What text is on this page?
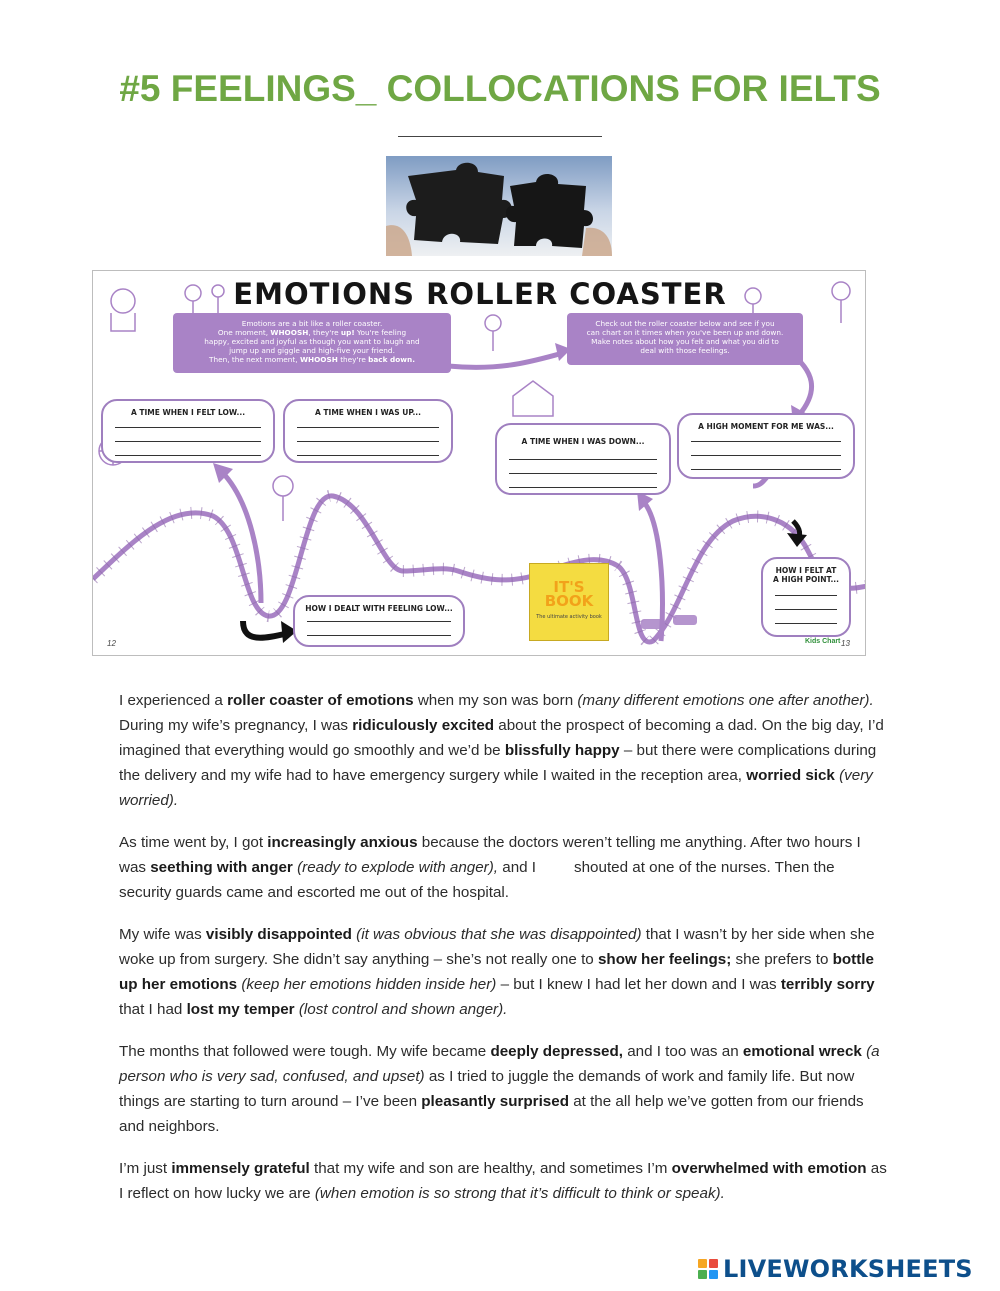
#5 FEELINGS_ COLLOCATIONS FOR IELTS
EMOTIONS ROLLER COASTER
Emotions are a bit like a roller coaster.
One moment, WHOOSH, they're up! You're feeling
happy, excited and joyful as though you want to laugh and
jump up and giggle and high-five your friend.
Then, the next moment, WHOOSH they're back down.
Check out the roller coaster below and see if you
can chart on it times when you've been up and down.
Make notes about how you felt and what you did to
deal with those feelings.
A TIME WHEN I FELT LOW...	A TIME WHEN I WAS UP...
A TIME WHEN I WAS DOWN...
A HIGH MOMENT FOR ME WAS...
HOW I DEALT WITH FEELING LOW...
HOW I FELT AT
A HIGH POINT...
IT'S
BOOK
The ultimate activity book
12	Kids Chart 13

I experienced a roller coaster of emotions when my son was born (many different emotions one after another). During my wife’s pregnancy, I was ridiculously excited about the prospect of becoming a dad. On the big day, I’d imagined that everything would go smoothly and we’d be blissfully happy – but there were complications during the delivery and my wife had to have emergency surgery while I waited in the reception area, worried sick (very worried).

As time went by, I got increasingly anxious because the doctors weren’t telling me anything. After two hours I was seething with anger (ready to explode with anger), and I         shouted at one of the nurses. Then the security guards came and escorted me out of the hospital.

My wife was visibly disappointed (it was obvious that she was disappointed) that I wasn’t by her side when she woke up from surgery. She didn’t say anything – she’s not really one to show her feelings; she prefers to bottle up her emotions (keep her emotions hidden inside her) – but I knew I had let her down and I was terribly sorry that I had lost my temper (lost control and shown anger).

The months that followed were tough. My wife became deeply depressed, and I too was an emotional wreck (a person who is very sad, confused, and upset) as I tried to juggle the demands of work and family life. But now things are starting to turn around – I’ve been pleasantly surprised at the all help we’ve gotten from our friends and neighbors.

I’m just immensely grateful that my wife and son are healthy, and sometimes I’m overwhelmed with emotion as I reflect on how lucky we are (when emotion is so strong that it’s difficult to think or speak).

LIVEWORKSHEETS
